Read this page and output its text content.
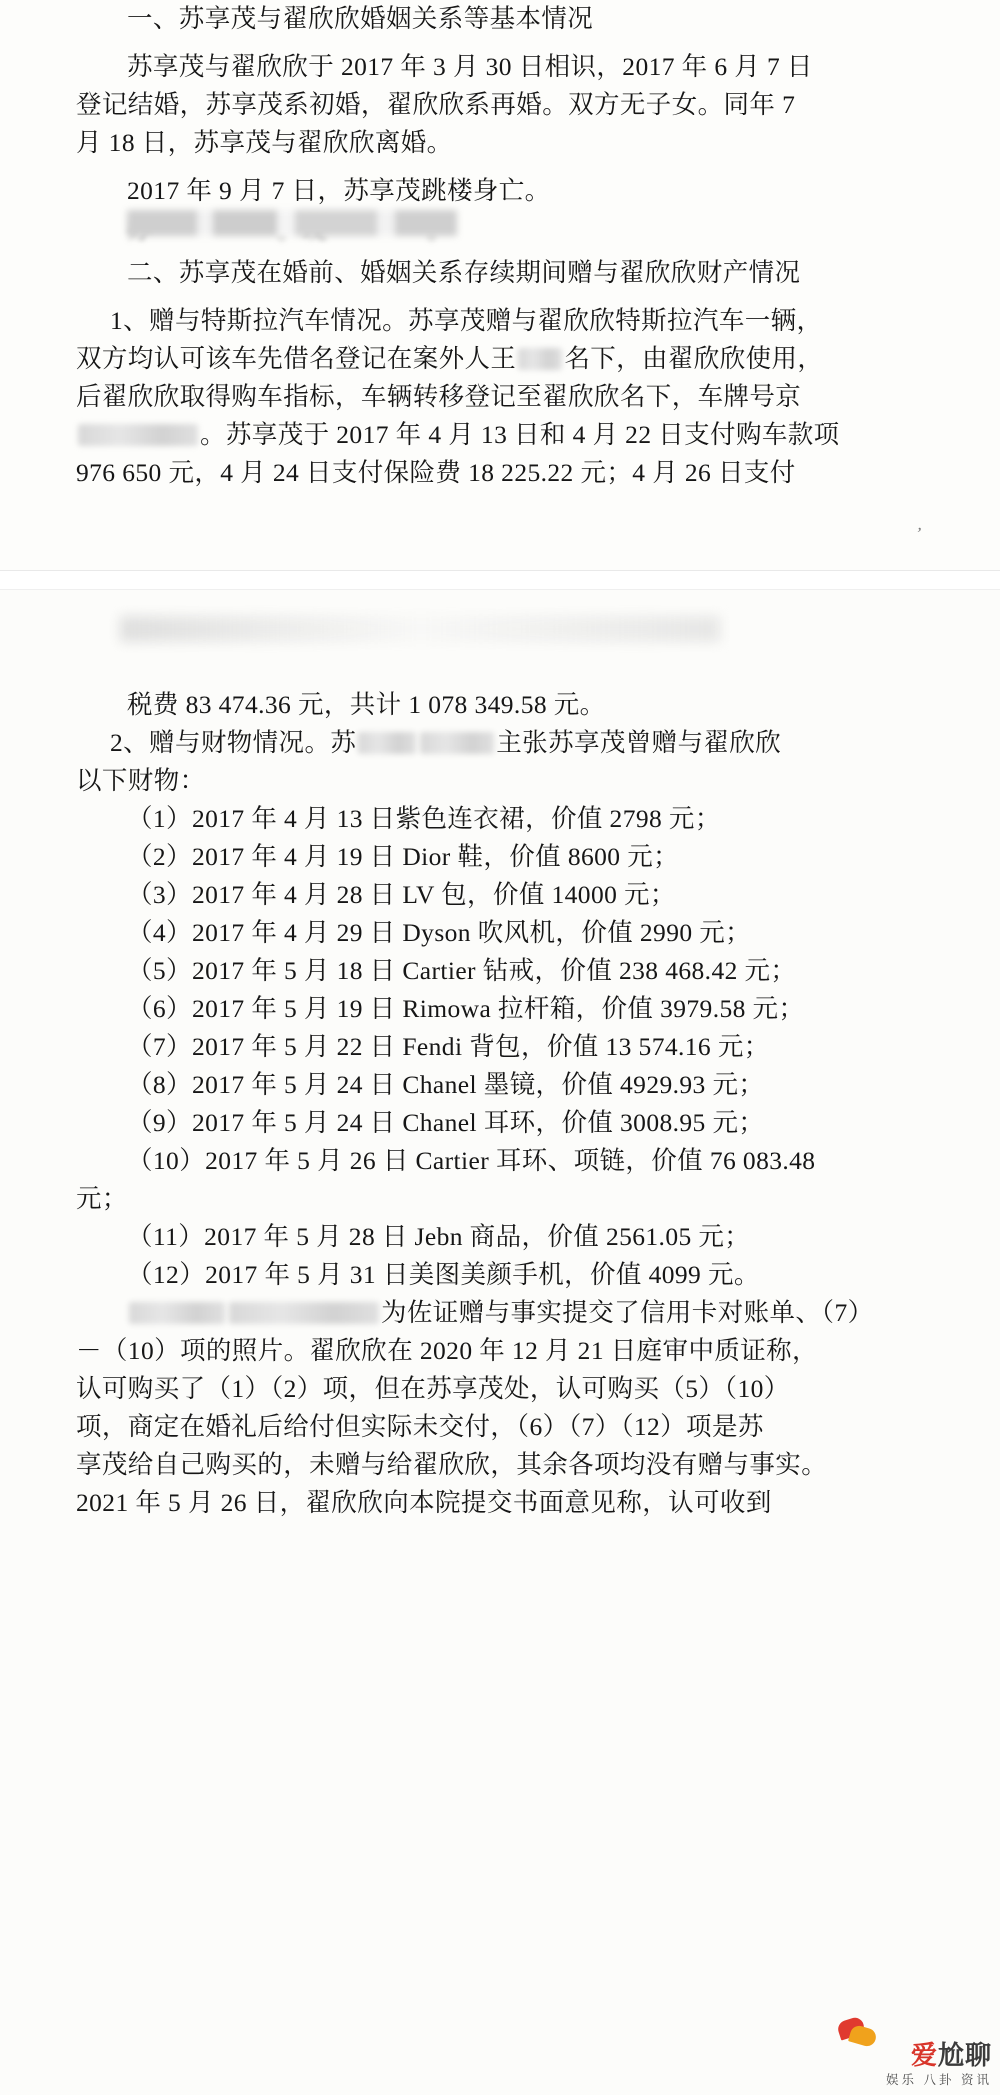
一、苏享茂与翟欣欣婚姻关系等基本情况
苏享茂与翟欣欣于 2017 年 3 月 30 日相识，2017 年 6 月 7 日
登记结婚，苏享茂系初婚，翟欣欣系再婚。双方无子女。同年 7
月 18 日，苏享茂与翟欣欣离婚。
2017 年 9 月 7 日，苏享茂跳楼身亡。
二、苏享茂在婚前、婚姻关系存续期间赠与翟欣欣财产情况
1、赠与特斯拉汽车情况。苏享茂赠与翟欣欣特斯拉汽车一辆，
双方均认可该车先借名登记在案外人王 名下，由翟欣欣使用，
后翟欣欣取得购车指标，车辆转移登记至翟欣欣名下，车牌号京
。苏享茂于 2017 年 4 月 13 日和 4 月 22 日支付购车款项
976 650 元，4 月 24 日支付保险费 18 225.22 元；4 月 26 日支付
ʼ
税费 83 474.36 元，共计 1 078 349.58 元。
2、赠与财物情况。苏	主张苏享茂曾赠与翟欣欣
以下财物：
（1）2017 年 4 月 13 日紫色连衣裙，价值 2798 元；
（2）2017 年 4 月 19 日 Dior 鞋，价值 8600 元；
（3）2017 年 4 月 28 日 LV 包，价值 14000 元；
（4）2017 年 4 月 29 日 Dyson 吹风机，价值 2990 元；
（5）2017 年 5 月 18 日 Cartier 钻戒，价值 238 468.42 元；
（6）2017 年 5 月 19 日 Rimowa 拉杆箱，价值 3979.58 元；
（7）2017 年 5 月 22 日 Fendi 背包，价值 13 574.16 元；
（8）2017 年 5 月 24 日 Chanel 墨镜，价值 4929.93 元；
（9）2017 年 5 月 24 日 Chanel 耳环，价值 3008.95 元；
（10）2017 年 5 月 26 日 Cartier 耳环、项链，价值 76 083.48
元；
（11）2017 年 5 月 28 日 Jebn 商品，价值 2561.05 元；
（12）2017 年 5 月 31 日美图美颜手机，价值 4099 元。
为佐证赠与事实提交了信用卡对账单、（7）
－（10）项的照片。翟欣欣在 2020 年 12 月 21 日庭审中质证称，
认可购买了（1）（2）项，但在苏享茂处，认可购买（5）（10）
项，商定在婚礼后给付但实际未交付，（6）（7）（12）项是苏
享茂给自己购买的，未赠与给翟欣欣，其余各项均没有赠与事实。
2021 年 5 月 26 日，翟欣欣向本院提交书面意见称，认可收到
爱尬聊
娱乐 八卦 资讯
